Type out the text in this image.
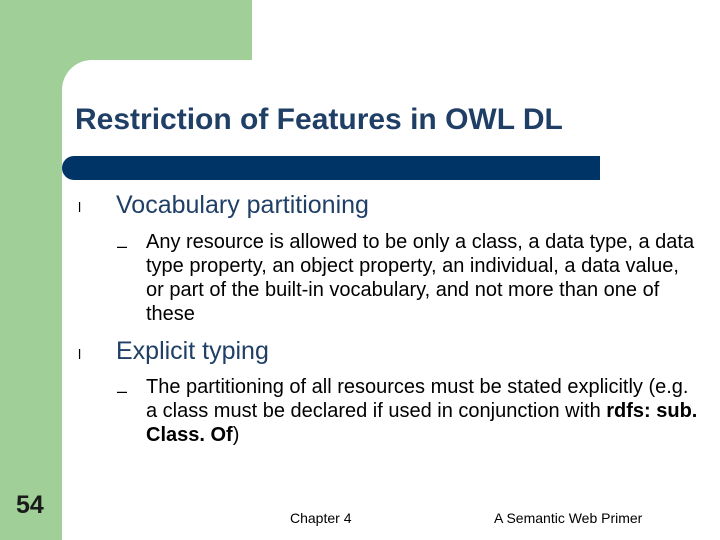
Restriction of Features in OWL DL
l Vocabulary partitioning
– Any resource is allowed to be only a class, a data type, a data type property, an object property, an individual, a data value, or part of the built-in vocabulary, and not more than one of these
l Explicit typing
– The partitioning of all resources must be stated explicitly (e.g. a class must be declared if used in conjunction with rdfs: sub. Class. Of)
54	Chapter 4	A Semantic Web Primer
